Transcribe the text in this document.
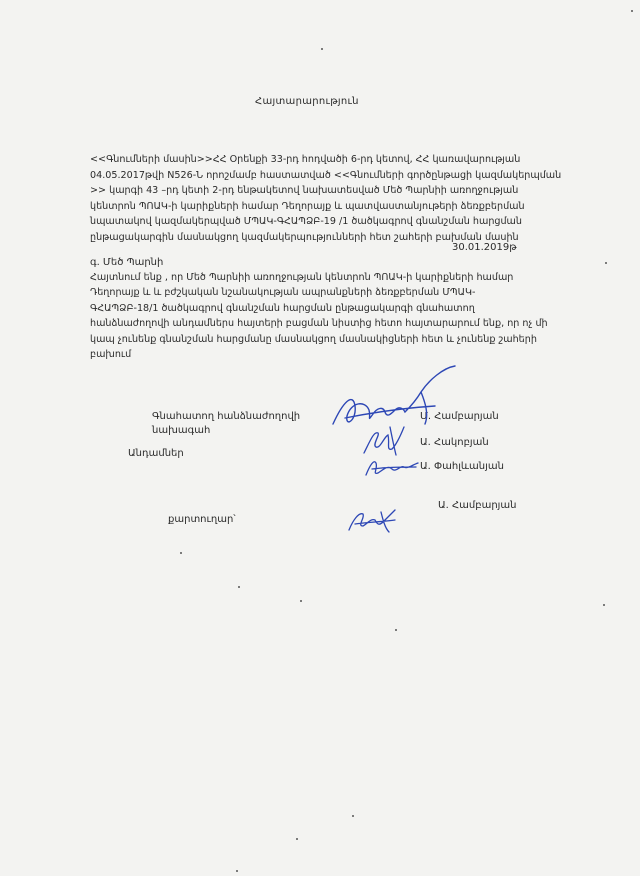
Հայտարարություն
<<Գնումների մասին>>ՀՀ Օրենքի 33-րդ հոդվածի 6-րդ կետով, ՀՀ կառավարության
04.05.2017թվի N526-Ն որոշմամբ հաստատված <<Գնումների գործընթացի կազմակերպման
>> կարգի 43 –րդ կետի 2-րդ ենթակետով նախատեսված Մեծ Պարնիի առողջության
կենտրոն ՊՈԱԿ-ի կարիքների համար Դեղորայք և պատվաստանյութերի ձեռքբերման
նպատակով կազմակերպված ՄՊԱԿ-ԳՀԱՊՁԲ-19 /1 ծածկագրով գնանշման հարցման
ընթացակարգին մասնակցող կազմակերպությունների հետ շահերի բախման մասին
30.01.2019թ
գ. Մեծ Պարնի
Հայտնում ենք , որ Մեծ Պարնիի առողջության կենտրոն ՊՈԱԿ-ի կարիքների համար
Դեղորայք և և բժշկական նշանակության ապրանքների ձեռքբերման ՄՊԱԿ-
ԳՀԱՊՁԲ-18/1 ծածկագրով գնանշման հարցման ընթացակարգի գնահատող
հանձնաժողովի անդամներս հայտերի բացման նիստից հետո հայտարարում ենք, որ ոչ մի
կապ չունենք գնանշման հարցմանը մասնակցող մասնակիցների հետ և չունենք շահերի
բախում
Գնահատող հանձնաժողովի
նախագահ
Անդամներ
քարտուղար՝
Մ. Համբարյան
Ա. Հակոբյան
Ա. Փահլևանյան
Ա. Համբարյան
